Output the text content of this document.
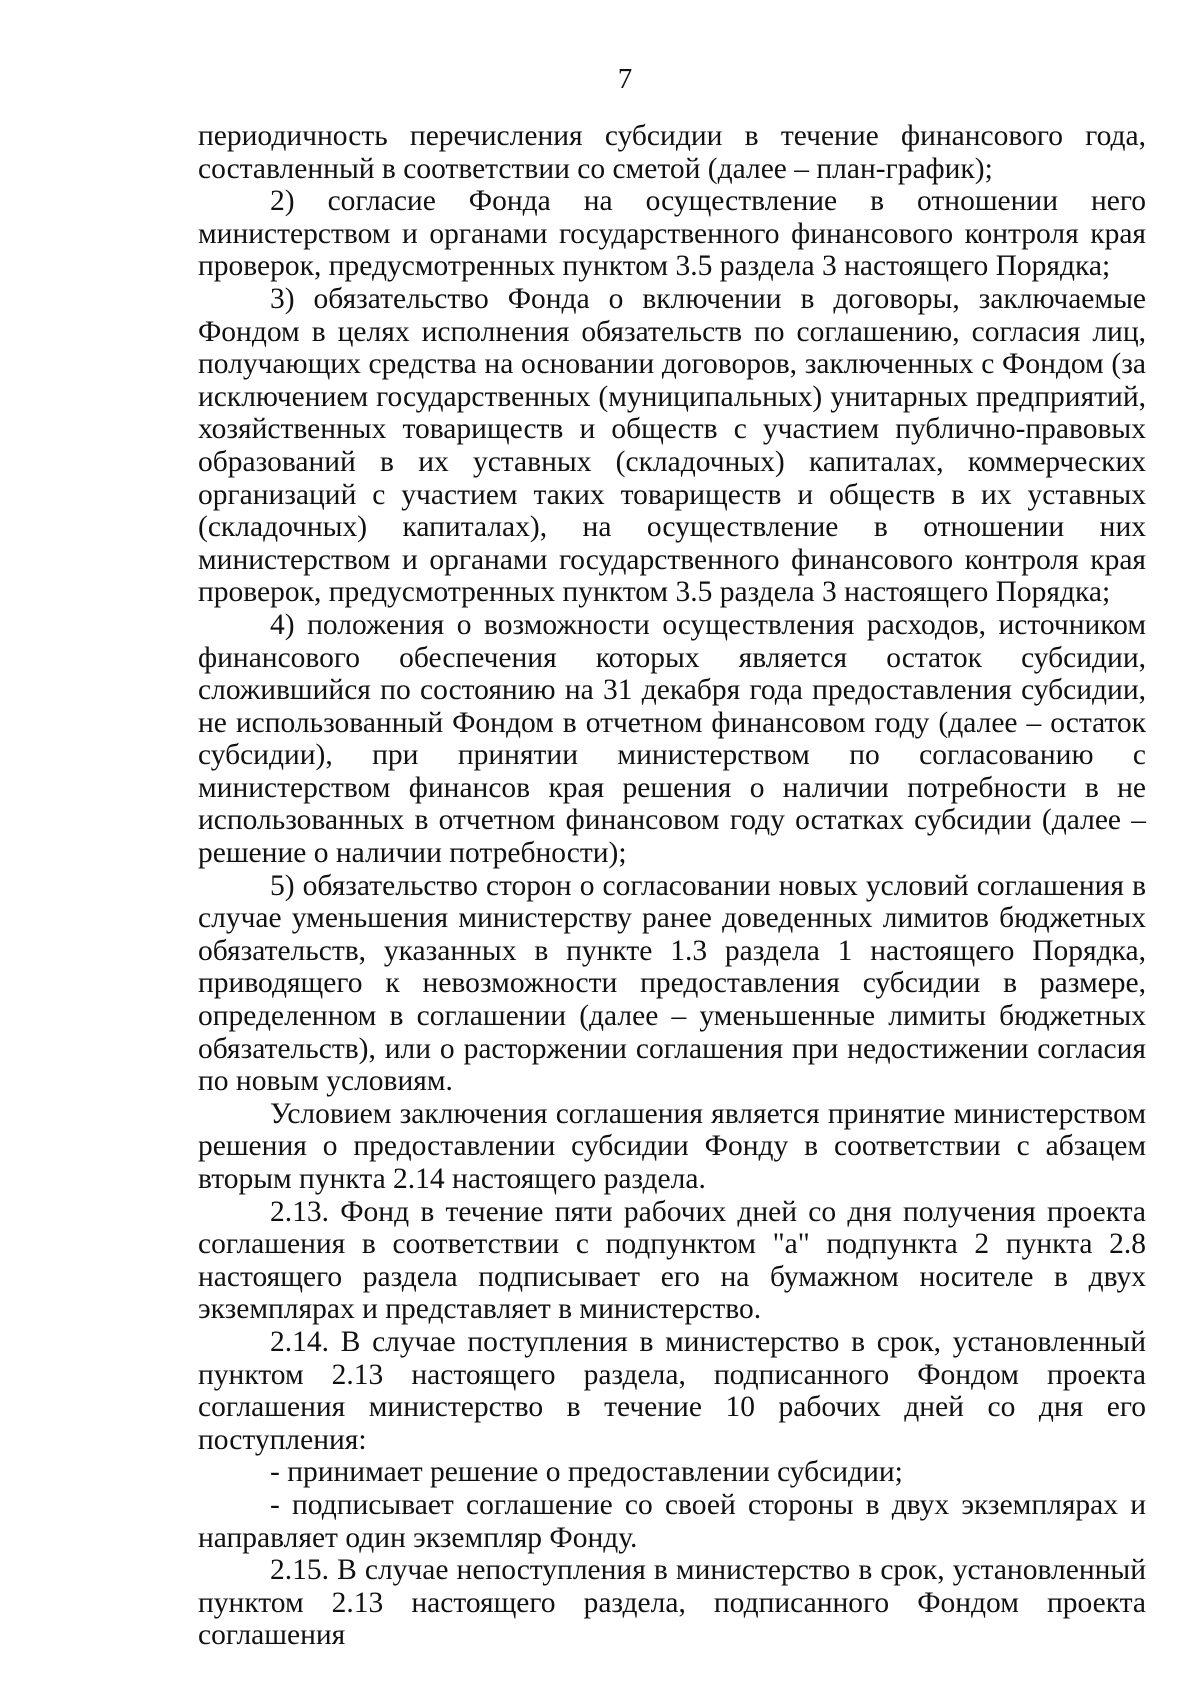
7

периодичность перечисления субсидии в течение финансового года, составленный в соответствии со сметой (далее – план-график);

2) согласие Фонда на осуществление в отношении него министерством и органами государственного финансового контроля края проверок, предусмотренных пунктом 3.5 раздела 3 настоящего Порядка;

3) обязательство Фонда о включении в договоры, заключаемые Фондом в целях исполнения обязательств по соглашению, согласия лиц, получающих средства на основании договоров, заключенных с Фондом (за исключением государственных (муниципальных) унитарных предприятий, хозяйственных товариществ и обществ с участием публично-правовых образований в их уставных (складочных) капиталах, коммерческих организаций с участием таких товариществ и обществ в их уставных (складочных) капиталах), на осуществление в отношении них министерством и органами государственного финансового контроля края проверок, предусмотренных пунктом 3.5 раздела 3 настоящего Порядка;

4) положения о возможности осуществления расходов, источником финансового обеспечения которых является остаток субсидии, сложившийся по состоянию на 31 декабря года предоставления субсидии, не использованный Фондом в отчетном финансовом году (далее – остаток субсидии), при принятии министерством по согласованию с министерством финансов края решения о наличии потребности в не использованных в отчетном финансовом году остатках субсидии (далее – решение о наличии потребности);

5) обязательство сторон о согласовании новых условий соглашения в случае уменьшения министерству ранее доведенных лимитов бюджетных обязательств, указанных в пункте 1.3 раздела 1 настоящего Порядка, приводящего к невозможности предоставления субсидии в размере, определенном в соглашении (далее – уменьшенные лимиты бюджетных обязательств), или о расторжении соглашения при недостижении согласия по новым условиям.

Условием заключения соглашения является принятие министерством решения о предоставлении субсидии Фонду в соответствии с абзацем вторым пункта 2.14 настоящего раздела.

2.13. Фонд в течение пяти рабочих дней со дня получения проекта соглашения в соответствии с подпунктом "а" подпункта 2 пункта 2.8 настоящего раздела подписывает его на бумажном носителе в двух экземплярах и представляет в министерство.

2.14. В случае поступления в министерство в срок, установленный пунктом 2.13 настоящего раздела, подписанного Фондом проекта соглашения министерство в течение 10 рабочих дней со дня его поступления:

- принимает решение о предоставлении субсидии;

- подписывает соглашение со своей стороны в двух экземплярах и направляет один экземпляр Фонду.

2.15. В случае непоступления в министерство в срок, установленный пунктом 2.13 настоящего раздела, подписанного Фондом проекта соглашения
